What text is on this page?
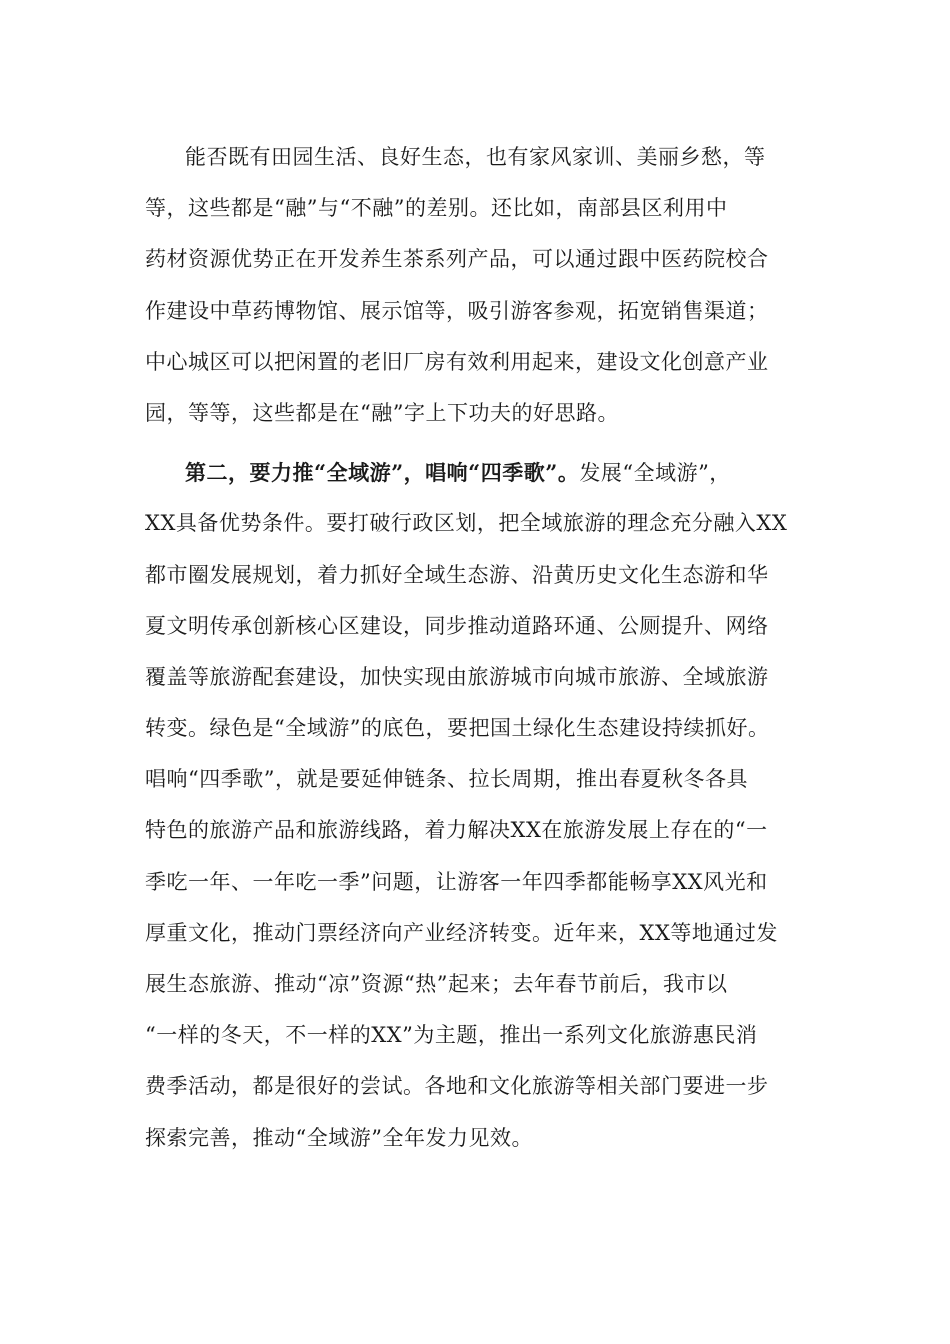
能否既有田园生活、良好生态，也有家风家训、美丽乡愁，等
等，这些都是“融”与“不融”的差别。还比如，南部县区利用中
药材资源优势正在开发养生茶系列产品，可以通过跟中医药院校合
作建设中草药博物馆、展示馆等，吸引游客参观，拓宽销售渠道；
中心城区可以把闲置的老旧厂房有效利用起来，建设文化创意产业
园，等等，这些都是在“融”字上下功夫的好思路。

第二，要力推“全域游”，唱响“四季歌”。发展“全域游”，
XX具备优势条件。要打破行政区划，把全域旅游的理念充分融入XX
都市圈发展规划，着力抓好全域生态游、沿黄历史文化生态游和华
夏文明传承创新核心区建设，同步推动道路环通、公厕提升、网络
覆盖等旅游配套建设，加快实现由旅游城市向城市旅游、全域旅游
转变。绿色是“全域游”的底色，要把国土绿化生态建设持续抓好。
唱响“四季歌”，就是要延伸链条、拉长周期，推出春夏秋冬各具
特色的旅游产品和旅游线路，着力解决XX在旅游发展上存在的“一
季吃一年、一年吃一季”问题，让游客一年四季都能畅享XX风光和
厚重文化，推动门票经济向产业经济转变。近年来，XX等地通过发
展生态旅游、推动“凉”资源“热”起来；去年春节前后，我市以
“一样的冬天，不一样的XX”为主题，推出一系列文化旅游惠民消
费季活动，都是很好的尝试。各地和文化旅游等相关部门要进一步
探索完善，推动“全域游”全年发力见效。
